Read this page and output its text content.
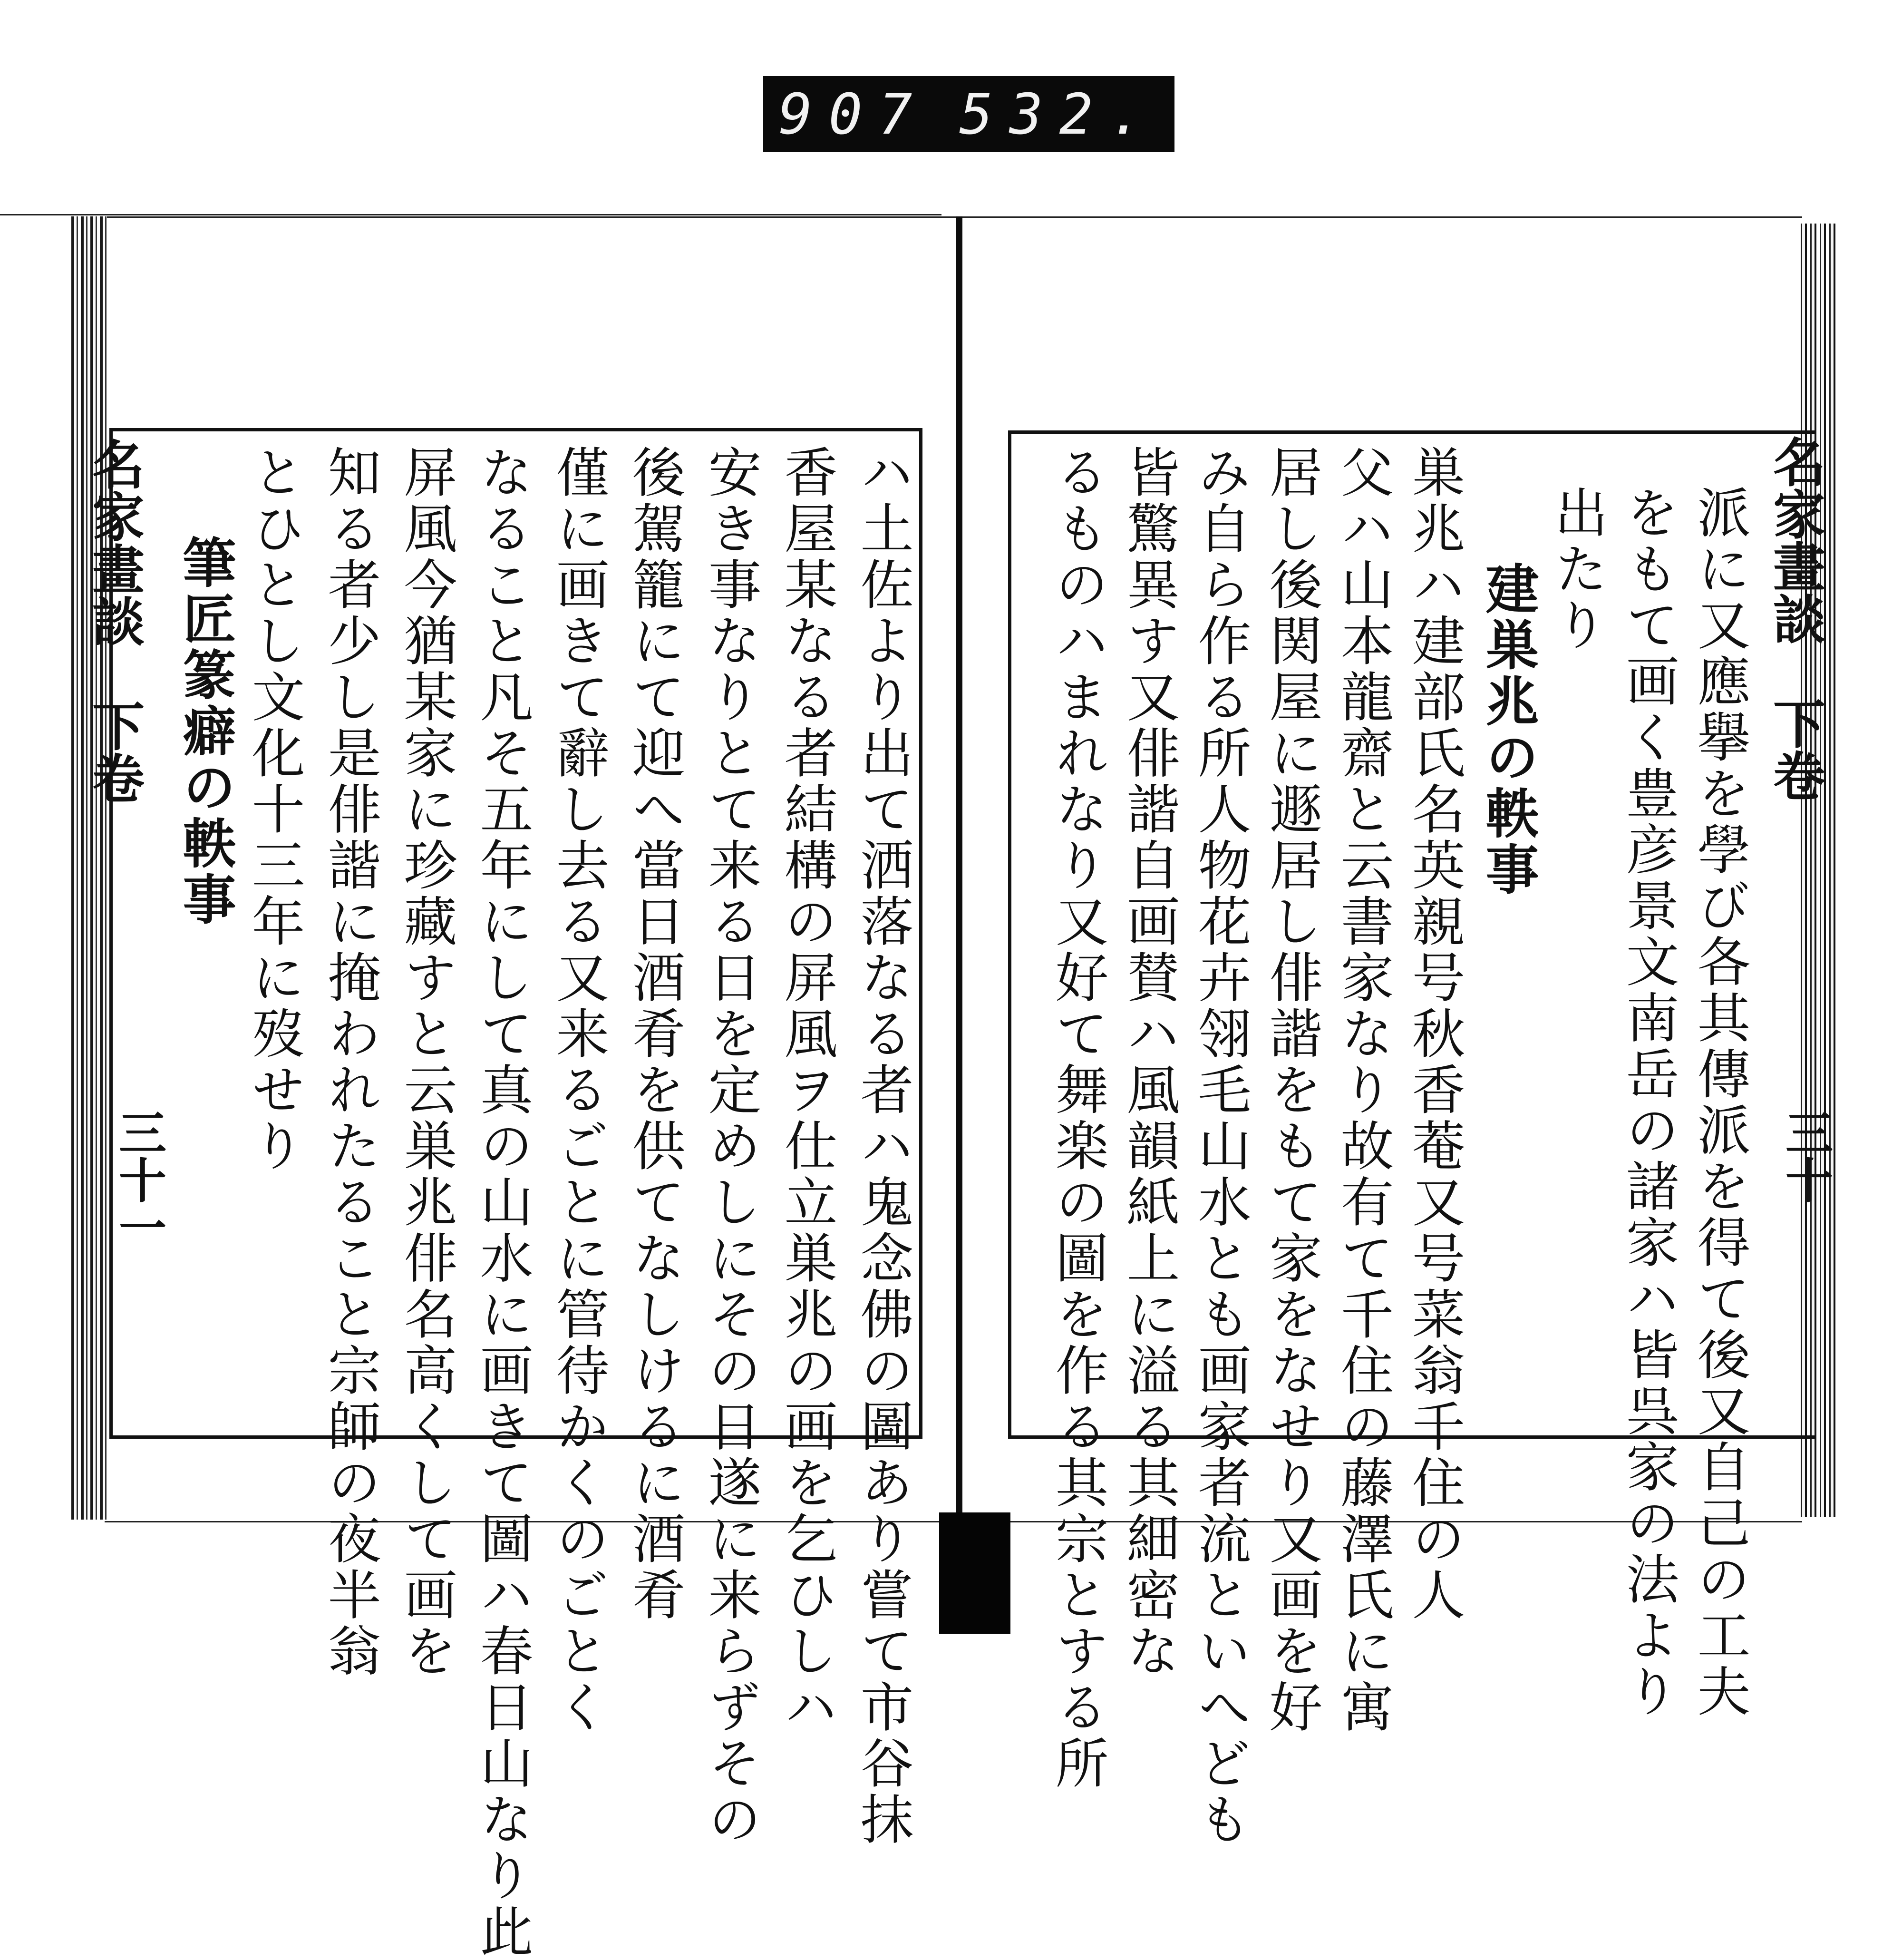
907 532.
名家畫談　下卷
三十一
名家畫談　下卷
三十
ハ土佐より出て洒落なる者ハ鬼念佛の圖あり嘗て市谷抹
香屋某なる者結構の屏風ヲ仕立巣兆の画を乞ひしハ
安き事なりとて来る日を定めしにその日遂に来らずその
後駕籠にて迎へ當日酒肴を供てなしけるに酒肴
僅に画きて辭し去る又来るごとに管待かくのごとく
なること凡そ五年にして真の山水に画きて圖ハ春日山なり此
屏風今猶某家に珍藏すと云巣兆俳名高くして画を
知る者少し是俳諧に掩われたること宗師の夜半翁
とひとし文化十三年に歿せり
筆匠篆癖の軼事	派に又應擧を學び各其傳派を得て後又自己の工夫
をもて画く豊彦景文南岳の諸家ハ皆呉家の法より
出たり
建巣兆の軼事
巣兆ハ建部氏名英親号秋香菴又号菜翁千住の人
父ハ山本龍齋と云書家なり故有て千住の藤澤氏に寓
居し後関屋に遯居し俳諧をもて家をなせり又画を好
み自ら作る所人物花卉翎毛山水とも画家者流といへども
皆驚異す又俳諧自画賛ハ風韻紙上に溢る其細密な
るものハまれなり又好て舞楽の圖を作る其宗とする所
